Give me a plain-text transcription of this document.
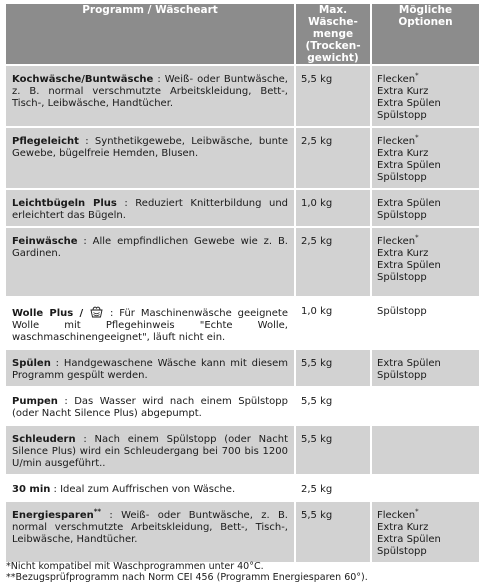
Programm / Wäscheart	Max. Wäschemenge (Trockengewicht)	Mögliche Optionen
Kochwäsche/Buntwäsche : Weiß- oder Buntwäsche, z. B. normal verschmutzte Arbeitskleidung, Bett-, Tisch-, Leibwäsche, Handtücher.	5,5 kg	Flecken*
Extra Kurz
Extra Spülen
Spülstopp

Pflegeleicht : Synthetikgewebe, Leibwäsche, bunte Gewebe, bügelfreie Hemden, Blusen.	2,5 kg	Flecken*
Extra Kurz
Extra Spülen
Spülstopp

Leichtbügeln Plus : Reduziert Knitterbildung und erleichtert das Bügeln.	1,0 kg	Extra Spülen
Spülstopp

Feinwäsche : Alle empfindlichen Gewebe wie z. B. Gardinen.	2,5 kg	Flecken*
Extra Kurz
Extra Spülen
Spülstopp

Wolle Plus /  : Für Maschinenwäsche geeignete Wolle mit Pflegehinweis "Echte Wolle, waschmaschinengeeignet", läuft nicht ein.	1,0 kg	Spülstopp

Spülen : Handgewaschene Wäsche kann mit diesem Programm gespült werden.	5,5 kg	Extra Spülen
Spülstopp

Pumpen : Das Wasser wird nach einem Spülstopp (oder Nacht Silence Plus) abgepumpt.	5,5 kg	
Schleudern : Nach einem Spülstopp (oder Nacht Silence Plus) wird ein Schleudergang bei 700 bis 1200 U/min ausgeführt..	5,5 kg	
30 min : Ideal zum Auffrischen von Wäsche.	2,5 kg	
Energiesparen** : Weiß- oder Buntwäsche, z. B. normal verschmutzte Arbeitskleidung, Bett-, Tisch-, Leibwäsche, Handtücher.	5,5 kg	Flecken*
Extra Kurz
Extra Spülen
Spülstopp
*Nicht kompatibel mit Waschprogrammen unter 40°C.
**Bezugsprüfprogramm nach Norm CEI 456 (Programm Energiesparen 60°).
